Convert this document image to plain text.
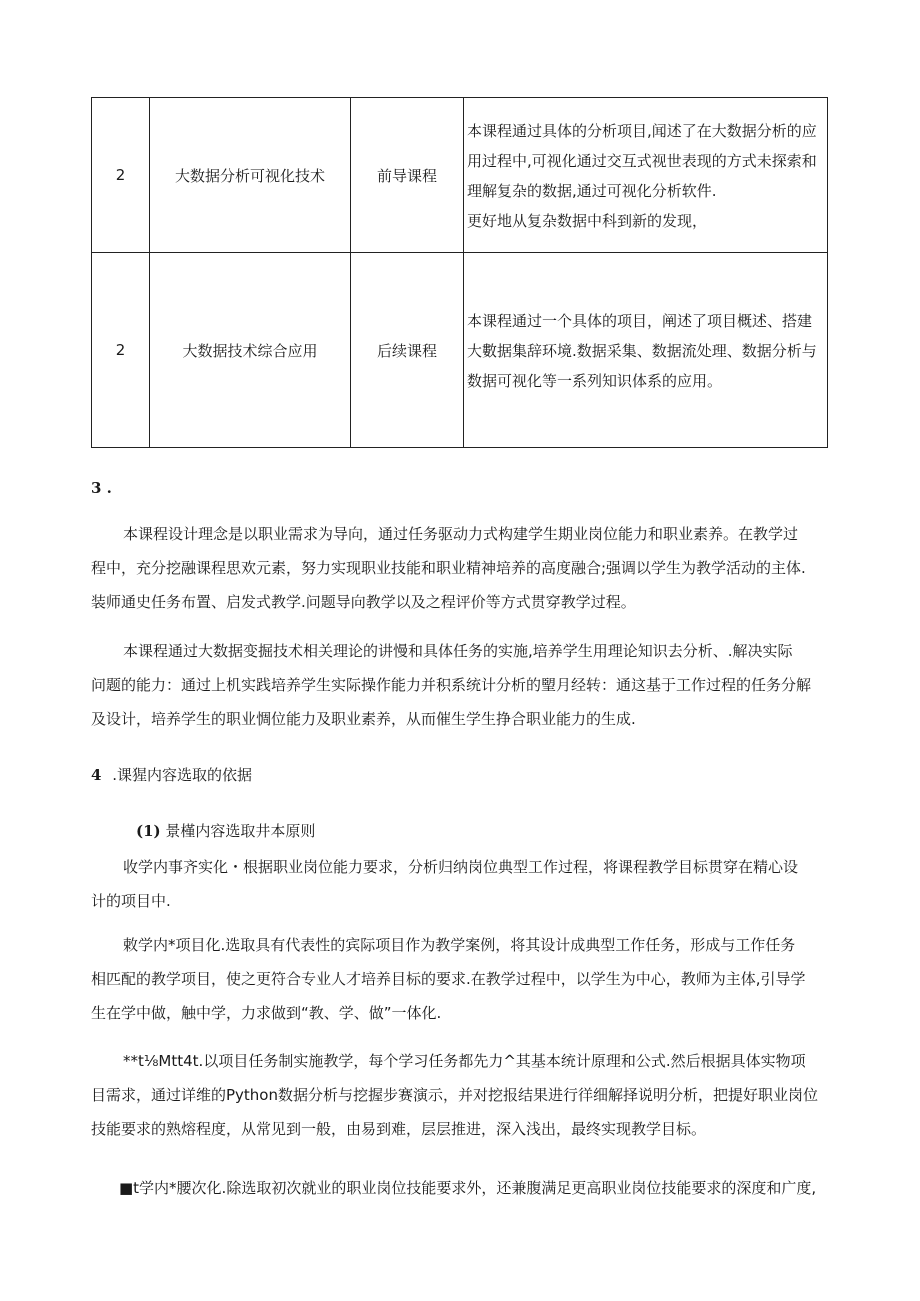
2	大数据分析可视化技术	前导课程	本课程通过具体的分析项目,闻述了在大数据分析的应
用过程中,可视化通过交互式视世表现的方式未探索和
理解复杂的数据,通过可视化分析软件.
更好地从复杂数据中科到新的发现，

2	大数据技术综合应用	后续课程	本课程通过一个具体的项目，阐述了项目概述、搭建
大數据集辞环境.数据采集、数据流处理、数据分析与
数据可视化等一系列知识体系的应用。
3 .
本课程设计理念是以职业需求为导向，通过任务驱动力式构建学生期业岗位能力和职业素养。在教学过
程中，充分挖融课程思欢元素，努力实现职业技能和职业精神培养的高度融合;强调以学生为教学活动的主体.
装师通史任务布置、启发式教学.问题导向教学以及之程评价等方式贯穿教学过程。
本课程通过大数据变掘技术相关理论的讲慢和具体任务的实施,培养学生用理论知识去分析、.解决实际
问题的能力：通过上机实践培养学生实际操作能力并积系统计分析的朢月经转：通这基于工作过程的任务分解
及设计，培养学生的职业惆位能力及职业素养，从而催生学生挣合职业能力的生成.
4 .课猩内容选取的依据
(1) 景槿内容选取井本原则
收学内事齐实化・根据职业岗位能力要求，分析归纳岗位典型工作过程，将课程教学目标贯穿在精心设
计的项目中.
敕学内*项目化.选取具有代表性的宾际项目作为教学案例，将其设计成典型工作任务，形成与工作任务
相匹配的教学项目，使之更符合专业人才培养目标的要求.在教学过程中，以学生为中心，教师为主体,引导学
生在学中做，触中学，力求做到“教、学、做”一体化.
**t⅛Mtt4t.以项目任务制实施教学，每个学习任务都先力^其基本统计原理和公式.然后根据具体实物项
目需求，通过详维的Python数据分析与挖握步赛演示，并对挖报结果进行徉细解择说明分析，把提好职业岗位
技能要求的熟熔程度，从常见到一般，由易到难，层层推进，深入浅出，最终实现教学目标。
■t学内*腰次化.除选取初次就业的职业岗位技能要求外，还兼腹满足更高职业岗位技能要求的深度和广度,
